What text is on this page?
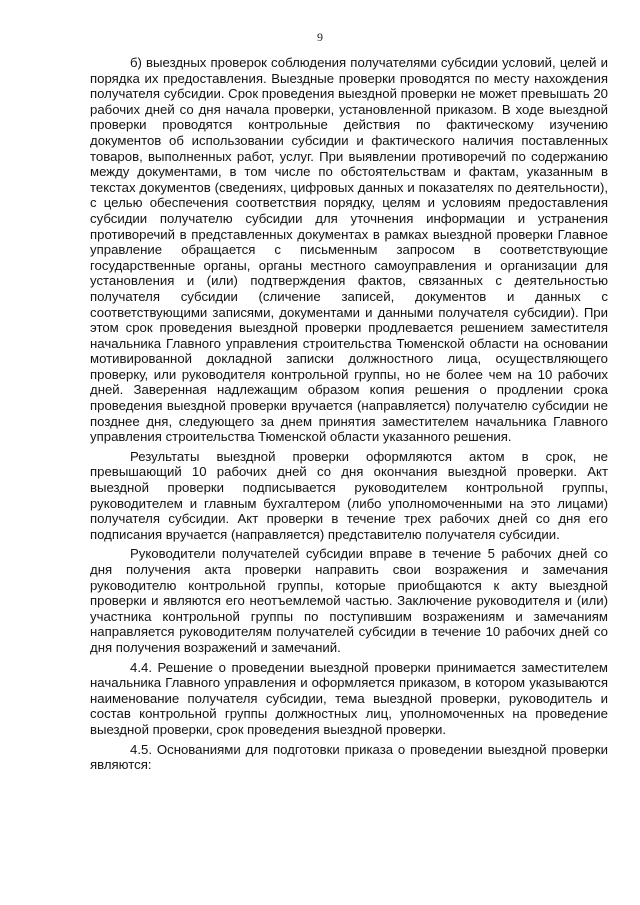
9

б) выездных проверок соблюдения получателями субсидии условий, целей и порядка их предоставления. Выездные проверки проводятся по месту нахождения получателя субсидии. Срок проведения выездной проверки не может превышать 20 рабочих дней со дня начала проверки, установленной приказом. В ходе выездной проверки проводятся контрольные действия по фактическому изучению документов об использовании субсидии и фактического наличия поставленных товаров, выполненных работ, услуг. При выявлении противоречий по содержанию между документами, в том числе по обстоятельствам и фактам, указанным в текстах документов (сведениях, цифровых данных и показателях по деятельности), с целью обеспечения соответствия порядку, целям и условиям предоставления субсидии получателю субсидии для уточнения информации и устранения противоречий в представленных документах в рамках выездной проверки Главное управление обращается с письменным запросом в соответствующие государственные органы, органы местного самоуправления и организации для установления и (или) подтверждения фактов, связанных с деятельностью получателя субсидии (сличение записей, документов и данных с соответствующими записями, документами и данными получателя субсидии). При этом срок проведения выездной проверки продлевается решением заместителя начальника Главного управления строительства Тюменской области на основании мотивированной докладной записки должностного лица, осуществляющего проверку, или руководителя контрольной группы, но не более чем на 10 рабочих дней. Заверенная надлежащим образом копия решения о продлении срока проведения выездной проверки вручается (направляется) получателю субсидии не позднее дня, следующего за днем принятия заместителем начальника Главного управления строительства Тюменской области указанного решения.

Результаты выездной проверки оформляются актом в срок, не превышающий 10 рабочих дней со дня окончания выездной проверки. Акт выездной проверки подписывается руководителем контрольной группы, руководителем и главным бухгалтером (либо уполномоченными на это лицами) получателя субсидии. Акт проверки в течение трех рабочих дней со дня его подписания вручается (направляется) представителю получателя субсидии.

Руководители получателей субсидии вправе в течение 5 рабочих дней со дня получения акта проверки направить свои возражения и замечания руководителю контрольной группы, которые приобщаются к акту выездной проверки и являются его неотъемлемой частью. Заключение руководителя и (или) участника контрольной группы по поступившим возражениям и замечаниям направляется руководителям получателей субсидии в течение 10 рабочих дней со дня получения возражений и замечаний.

4.4. Решение о проведении выездной проверки принимается заместителем начальника Главного управления и оформляется приказом, в котором указываются наименование получателя субсидии, тема выездной проверки, руководитель и состав контрольной группы должностных лиц, уполномоченных на проведение выездной проверки, срок проведения выездной проверки.

4.5. Основаниями для подготовки приказа о проведении выездной проверки являются:
